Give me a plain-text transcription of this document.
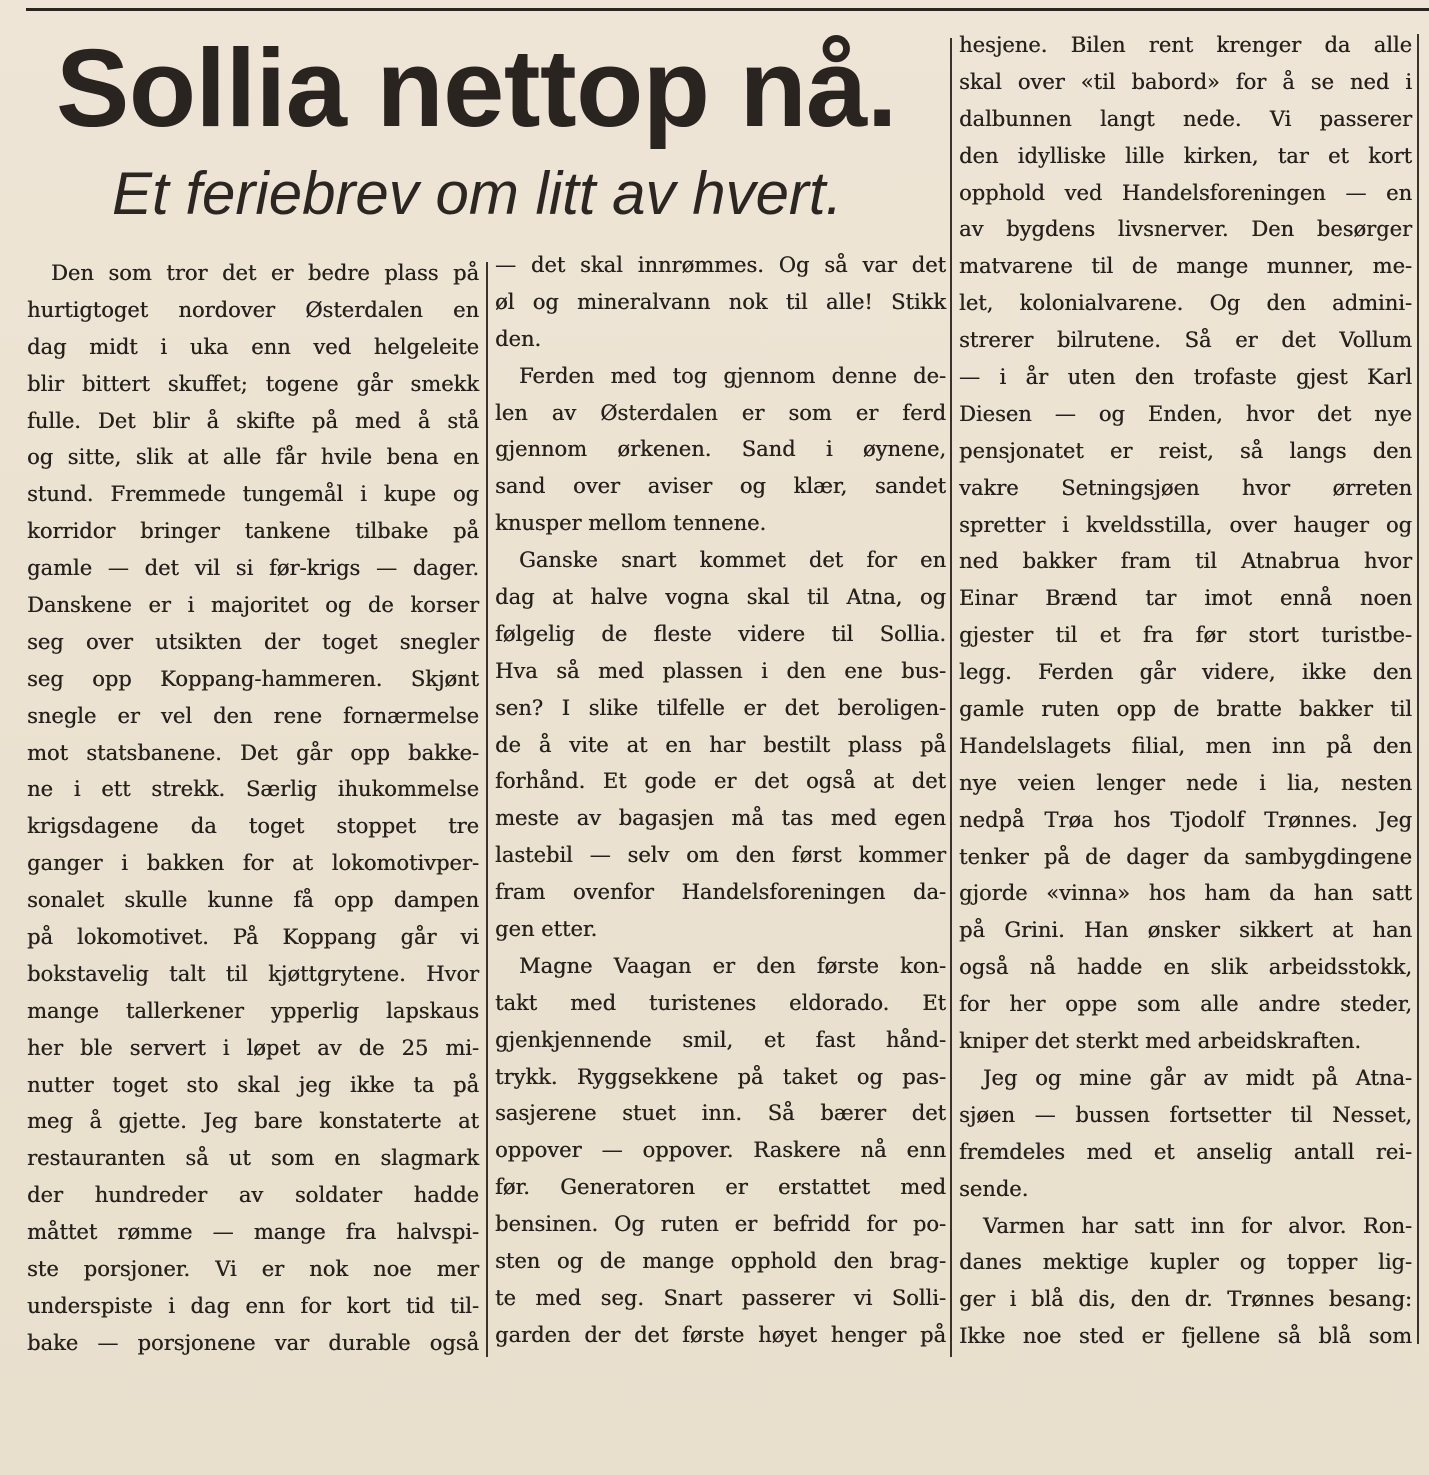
Sollia nettop nå.
Et feriebrev om litt av hvert.
Den som tror det er bedre plass på
hurtigtoget nordover Østerdalen en
dag midt i uka enn ved helgeleite
blir bittert skuffet; togene går smekk
fulle. Det blir å skifte på med å stå
og sitte, slik at alle får hvile bena en
stund. Fremmede tungemål i kupe og
korridor bringer tankene tilbake på
gamle — det vil si før-krigs — dager.
Danskene er i majoritet og de korser
seg over utsikten der toget snegler
seg opp Koppang-hammeren. Skjønt
snegle er vel den rene fornærmelse
mot statsbanene. Det går opp bakke-
ne i ett strekk. Særlig ihukommelse
krigsdagene da toget stoppet tre
ganger i bakken for at lokomotivper-
sonalet skulle kunne få opp dampen
på lokomotivet. På Koppang går vi
bokstavelig talt til kjøttgrytene. Hvor
mange tallerkener ypperlig lapskaus
her ble servert i løpet av de 25 mi-
nutter toget sto skal jeg ikke ta på
meg å gjette. Jeg bare konstaterte at
restauranten så ut som en slagmark
der hundreder av soldater hadde
måttet rømme — mange fra halvspi-
ste porsjoner. Vi er nok noe mer
underspiste i dag enn for kort tid til-
bake — porsjonene var durable også
— det skal innrømmes. Og så var det
øl og mineralvann nok til alle! Stikk
den.
Ferden med tog gjennom denne de-
len av Østerdalen er som er ferd
gjennom ørkenen. Sand i øynene,
sand over aviser og klær, sandet
knusper mellom tennene.
Ganske snart kommet det for en
dag at halve vogna skal til Atna, og
følgelig de fleste videre til Sollia.
Hva så med plassen i den ene bus-
sen? I slike tilfelle er det beroligen-
de å vite at en har bestilt plass på
forhånd. Et gode er det også at det
meste av bagasjen må tas med egen
lastebil — selv om den først kommer
fram ovenfor Handelsforeningen da-
gen etter.
Magne Vaagan er den første kon-
takt med turistenes eldorado. Et
gjenkjennende smil, et fast hånd-
trykk. Ryggsekkene på taket og pas-
sasjerene stuet inn. Så bærer det
oppover — oppover. Raskere nå enn
før. Generatoren er erstattet med
bensinen. Og ruten er befridd for po-
sten og de mange opphold den brag-
te med seg. Snart passerer vi Solli-
garden der det første høyet henger på
hesjene. Bilen rent krenger da alle
skal over «til babord» for å se ned i
dalbunnen langt nede. Vi passerer
den idylliske lille kirken, tar et kort
opphold ved Handelsforeningen — en
av bygdens livsnerver. Den besørger
matvarene til de mange munner, me-
let, kolonialvarene. Og den admini-
strerer bilrutene. Så er det Vollum
— i år uten den trofaste gjest Karl
Diesen — og Enden, hvor det nye
pensjonatet er reist, så langs den
vakre Setningsjøen hvor ørreten
spretter i kveldsstilla, over hauger og
ned bakker fram til Atnabrua hvor
Einar Brænd tar imot ennå noen
gjester til et fra før stort turistbe-
legg. Ferden går videre, ikke den
gamle ruten opp de bratte bakker til
Handelslagets filial, men inn på den
nye veien lenger nede i lia, nesten
nedpå Trøa hos Tjodolf Trønnes. Jeg
tenker på de dager da sambygdingene
gjorde «vinna» hos ham da han satt
på Grini. Han ønsker sikkert at han
også nå hadde en slik arbeidsstokk,
for her oppe som alle andre steder,
kniper det sterkt med arbeidskraften.
Jeg og mine går av midt på Atna-
sjøen — bussen fortsetter til Nesset,
fremdeles med et anselig antall rei-
sende.
Varmen har satt inn for alvor. Ron-
danes mektige kupler og topper lig-
ger i blå dis, den dr. Trønnes besang:
Ikke noe sted er fjellene så blå som
